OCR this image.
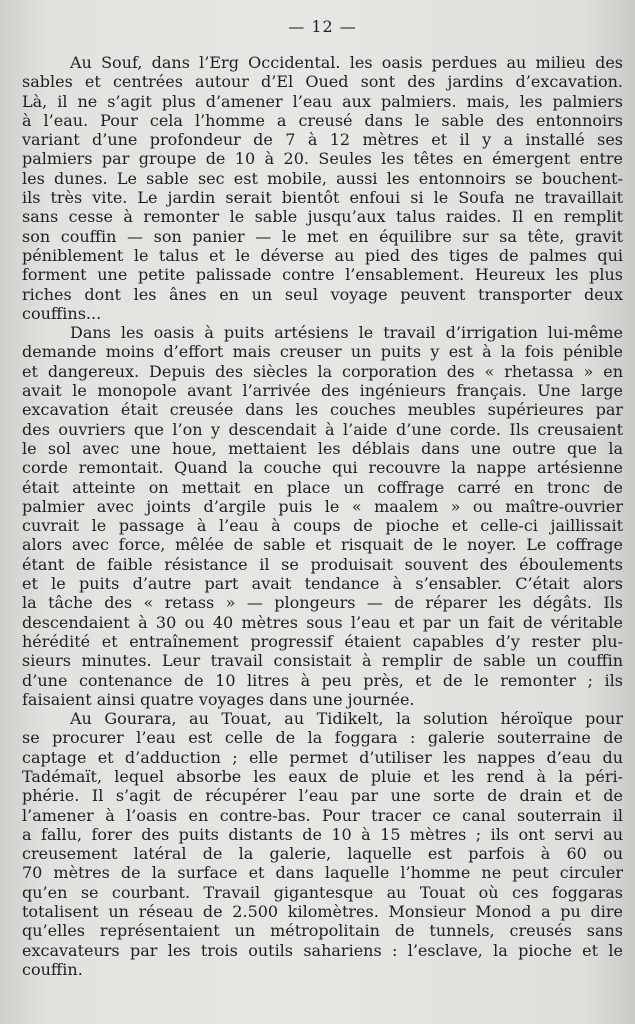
— 12 —
Au Souf, dans l’Erg Occidental. les oasis perdues au milieu des
sables et centrées autour d’El Oued sont des jardins d’excavation.
Là, il ne s’agit plus d’amener l’eau aux palmiers. mais, les palmiers
à l’eau. Pour cela l’homme a creusé dans le sable des entonnoirs
variant d’une profondeur de 7 à 12 mètres et il y a installé ses
palmiers par groupe de 10 à 20. Seules les têtes en émergent entre
les dunes. Le sable sec est mobile, aussi les entonnoirs se bouchent-
ils très vite. Le jardin serait bientôt enfoui si le Soufa ne travaillait
sans cesse à remonter le sable jusqu’aux talus raides. Il en remplit
son couffin — son panier — le met en équilibre sur sa tête, gravit
péniblement le talus et le déverse au pied des tiges de palmes qui
forment une petite palissade contre l’ensablement. Heureux les plus
riches dont les ânes en un seul voyage peuvent transporter deux
couffins...
Dans les oasis à puits artésiens le travail d’irrigation lui-même
demande moins d’effort mais creuser un puits y est à la fois pénible
et dangereux. Depuis des siècles la corporation des « rhetassa » en
avait le monopole avant l’arrivée des ingénieurs français. Une large
excavation était creusée dans les couches meubles supérieures par
des ouvriers que l’on y descendait à l’aide d’une corde. Ils creusaient
le sol avec une houe, mettaient les déblais dans une outre que la
corde remontait. Quand la couche qui recouvre la nappe artésienne
était atteinte on mettait en place un coffrage carré en tronc de
palmier avec joints d’argile puis le « maalem » ou maître-ouvrier
cuvrait le passage à l’eau à coups de pioche et celle-ci jaillissait
alors avec force, mêlée de sable et risquait de le noyer. Le coffrage
étant de faible résistance il se produisait souvent des éboulements
et le puits d’autre part avait tendance à s’ensabler. C’était alors
la tâche des « retass » — plongeurs — de réparer les dégâts. Ils
descendaient à 30 ou 40 mètres sous l’eau et par un fait de véritable
hérédité et entraînement progressif étaient capables d’y rester plu-
sieurs minutes. Leur travail consistait à remplir de sable un couffin
d’une contenance de 10 litres à peu près, et de le remonter ; ils
faisaient ainsi quatre voyages dans une journée.
Au Gourara, au Touat, au Tidikelt, la solution héroïque pour
se procurer l’eau est celle de la foggara : galerie souterraine de
captage et d’adduction ; elle permet d’utiliser les nappes d’eau du
Tadémaït, lequel absorbe les eaux de pluie et les rend à la péri-
phérie. Il s’agit de récupérer l’eau par une sorte de drain et de
l’amener à l’oasis en contre-bas. Pour tracer ce canal souterrain il
a fallu, forer des puits distants de 10 à 15 mètres ; ils ont servi au
creusement latéral de la galerie, laquelle est parfois à 60 ou
70 mètres de la surface et dans laquelle l’homme ne peut circuler
qu’en se courbant. Travail gigantesque au Touat où ces foggaras
totalisent un réseau de 2.500 kilomètres. Monsieur Monod a pu dire
qu’elles représentaient un métropolitain de tunnels, creusés sans
excavateurs par les trois outils sahariens : l’esclave, la pioche et le
couffin.
